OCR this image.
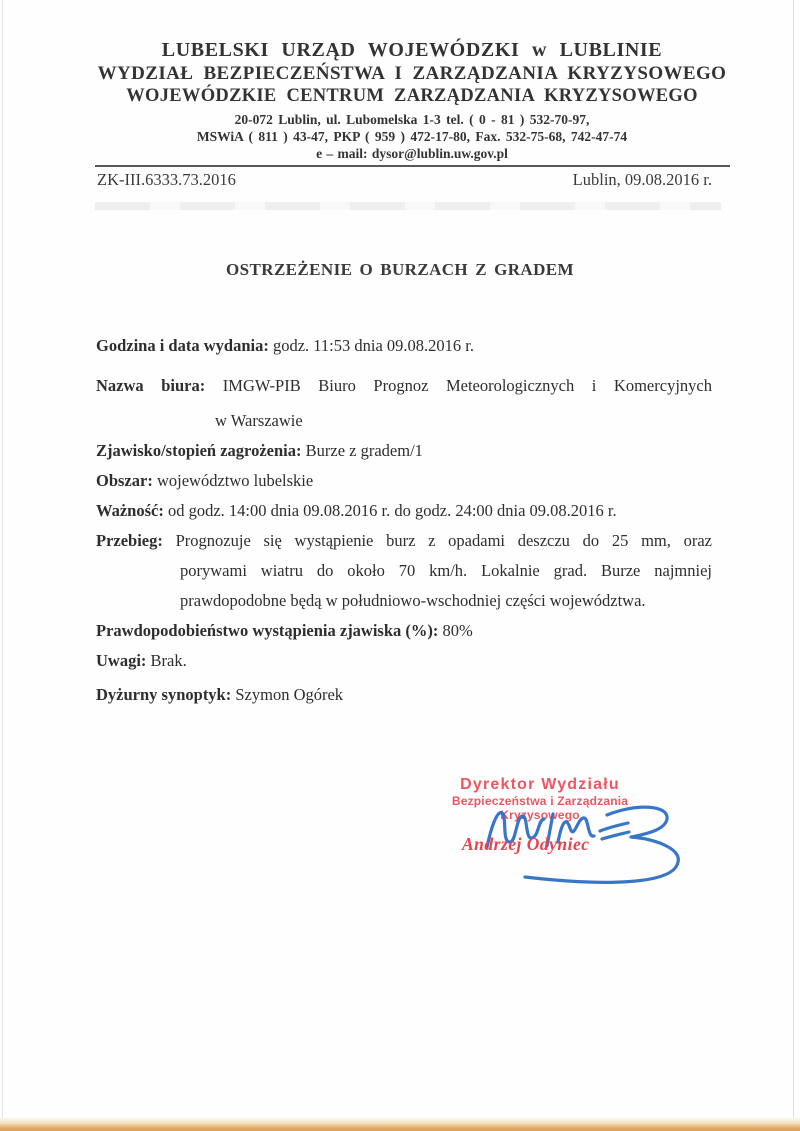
LUBELSKI URZĄD WOJEWÓDZKI w LUBLINIE
WYDZIAŁ BEZPIECZEŃSTWA I ZARZĄDZANIA KRYZYSOWEGO
WOJEWÓDZKIE CENTRUM ZARZĄDZANIA KRYZYSOWEGO
20-072 Lublin, ul. Lubomelska 1-3 tel. ( 0 - 81 ) 532-70-97,
MSWiA ( 811 ) 43-47, PKP ( 959 ) 472-17-80, Fax. 532-75-68, 742-47-74
e – mail: dysor@lublin.uw.gov.pl
ZK-III.6333.73.2016	Lublin, 09.08.2016 r.
OSTRZEŻENIE O BURZACH Z GRADEM
Godzina i data wydania: godz. 11:53 dnia 09.08.2016 r.
Nazwa biura: IMGW-PIB Biuro Prognoz Meteorologicznych i Komercyjnych
w Warszawie
Zjawisko/stopień zagrożenia: Burze z gradem/1
Obszar: województwo lubelskie
Ważność: od godz. 14:00 dnia 09.08.2016 r. do godz. 24:00 dnia 09.08.2016 r.
Przebieg: Prognozuje się wystąpienie burz z opadami deszczu do 25 mm, oraz
porywami wiatru do około 70 km/h. Lokalnie grad. Burze najmniej
prawdopodobne będą w południowo-wschodniej części województwa.
Prawdopodobieństwo wystąpienia zjawiska (%): 80%
Uwagi: Brak.
Dyżurny synoptyk: Szymon Ogórek
Dyrektor Wydziału
Bezpieczeństwa i Zarządzania Kryzysowego
Andrzej Odyniec
